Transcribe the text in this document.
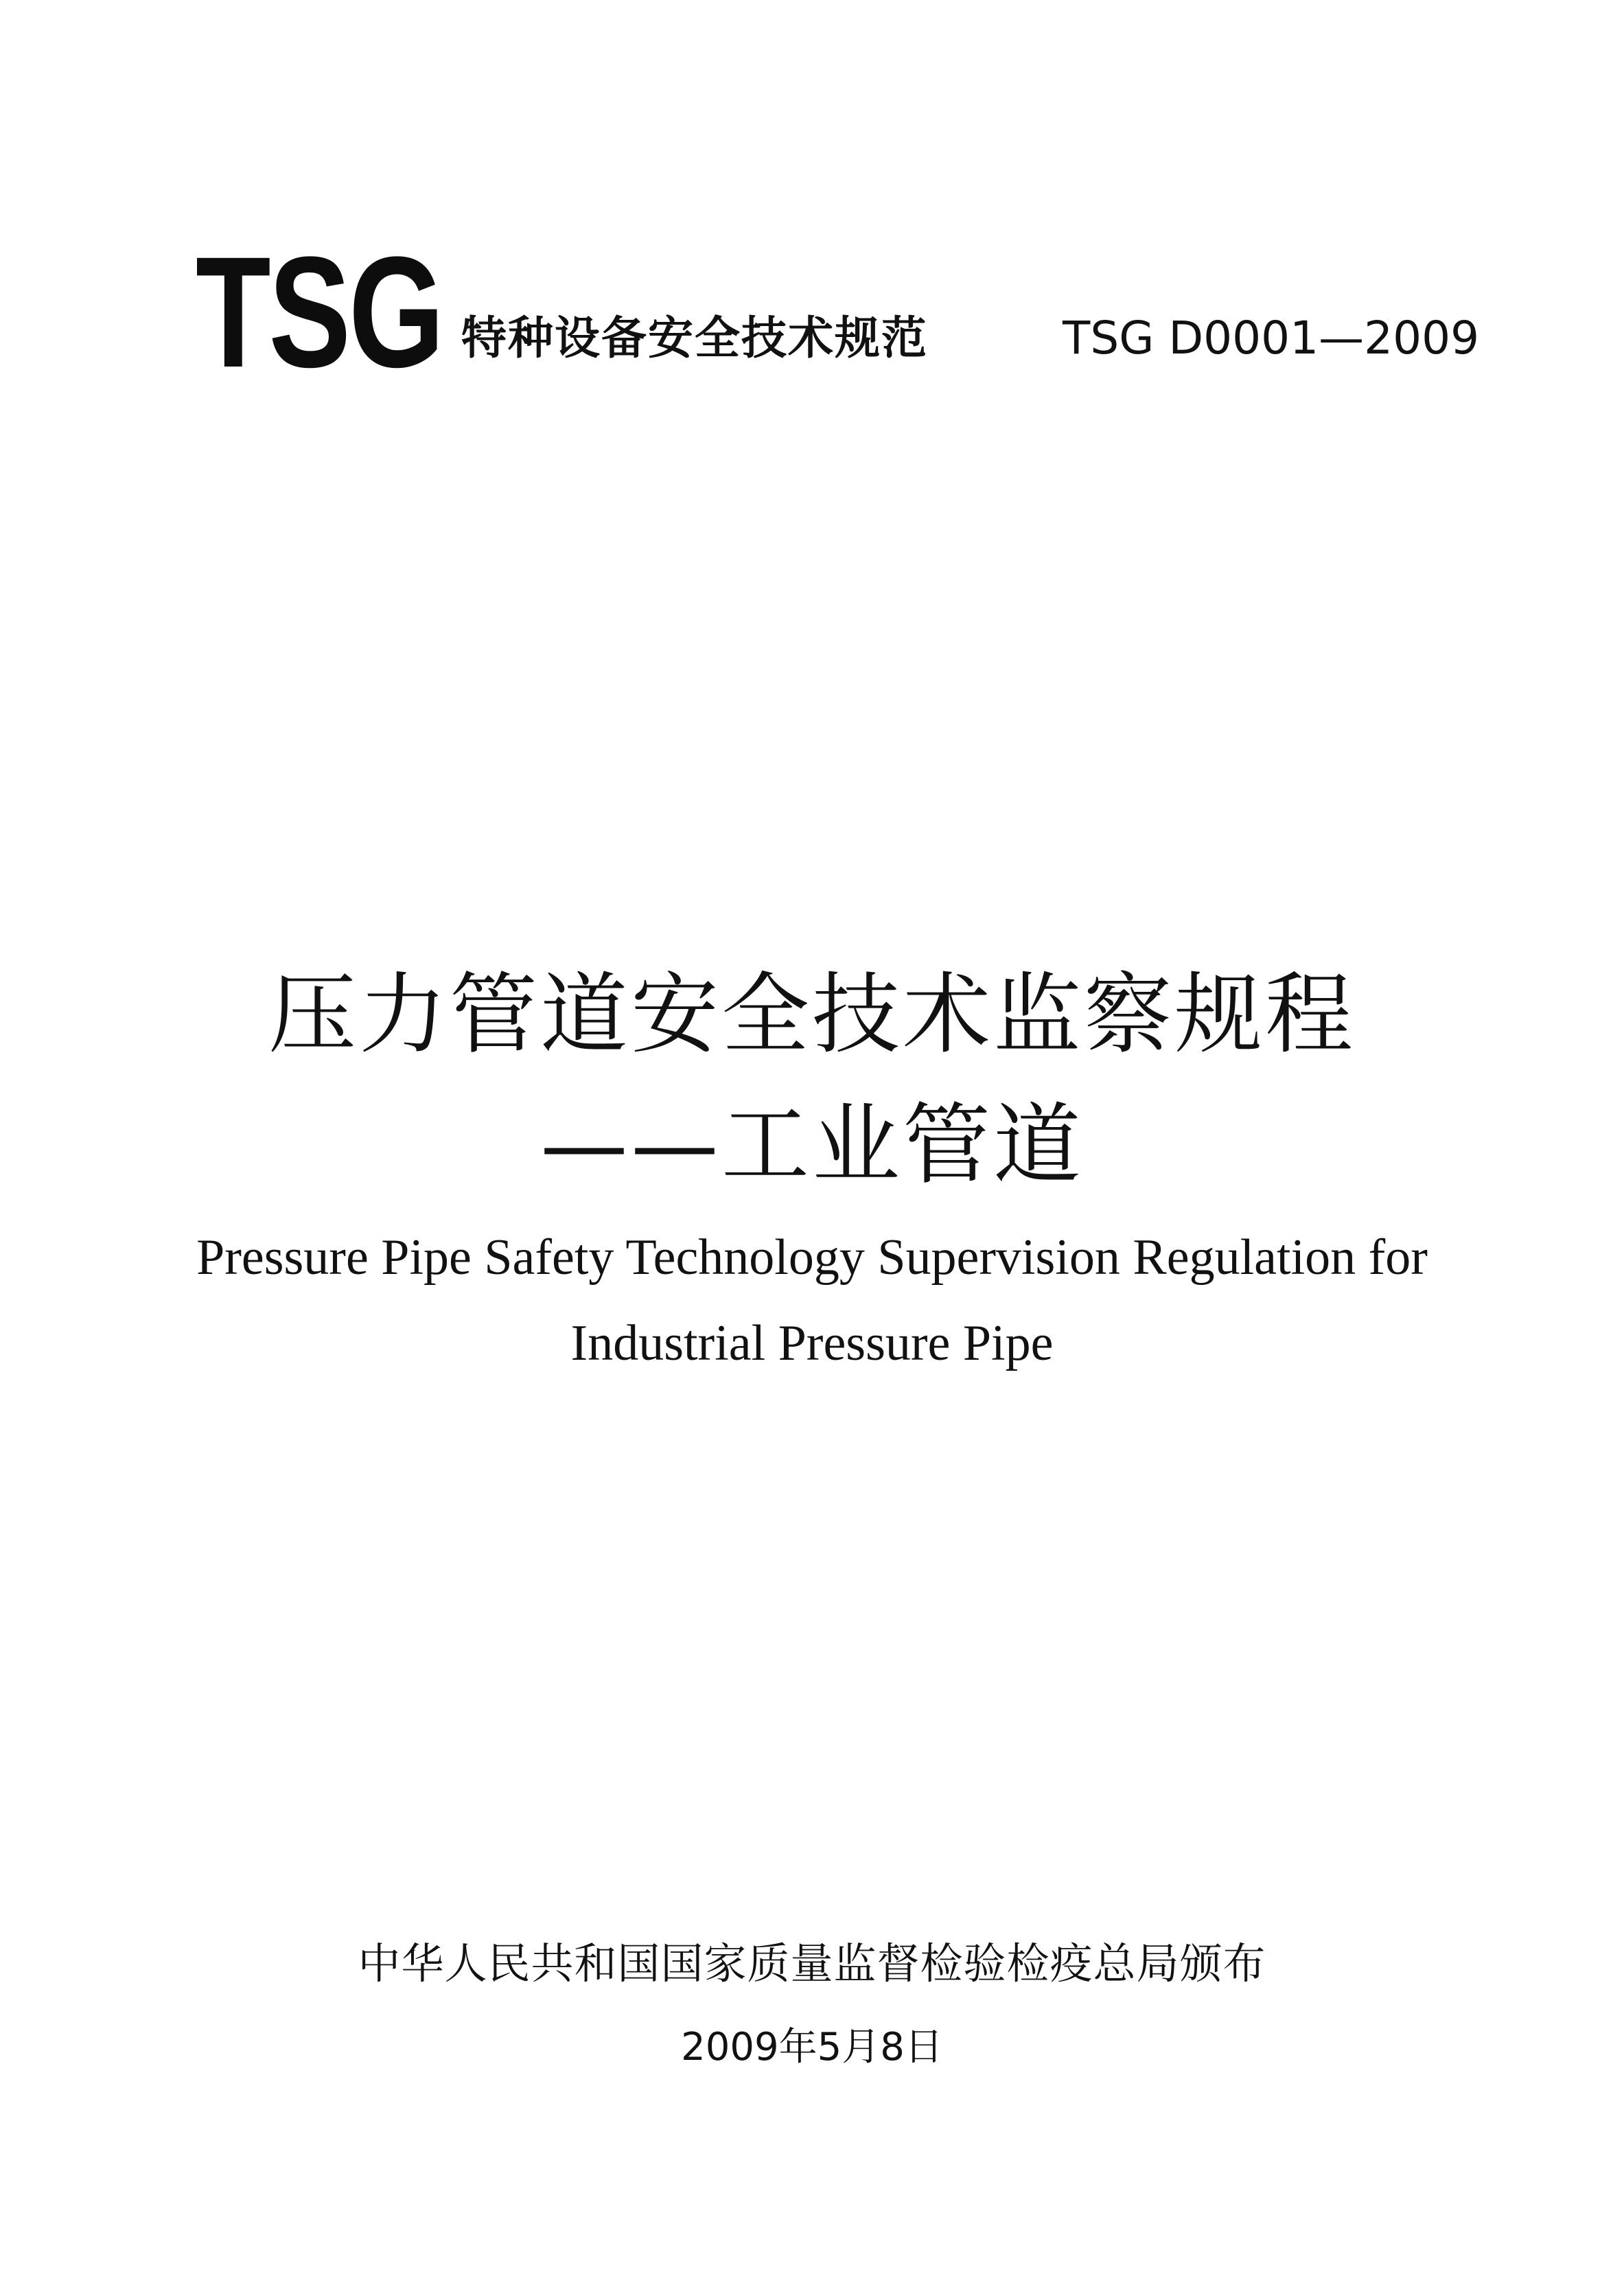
TSG 特种设备安全技术规范	TSG D0001—2009
压力管道安全技术监察规程
——工业管道
Pressure Pipe Safety Technology Supervision Regulation for
Industrial Pressure Pipe
中华人民共和国国家质量监督检验检疫总局颁布
2009年5月8日
